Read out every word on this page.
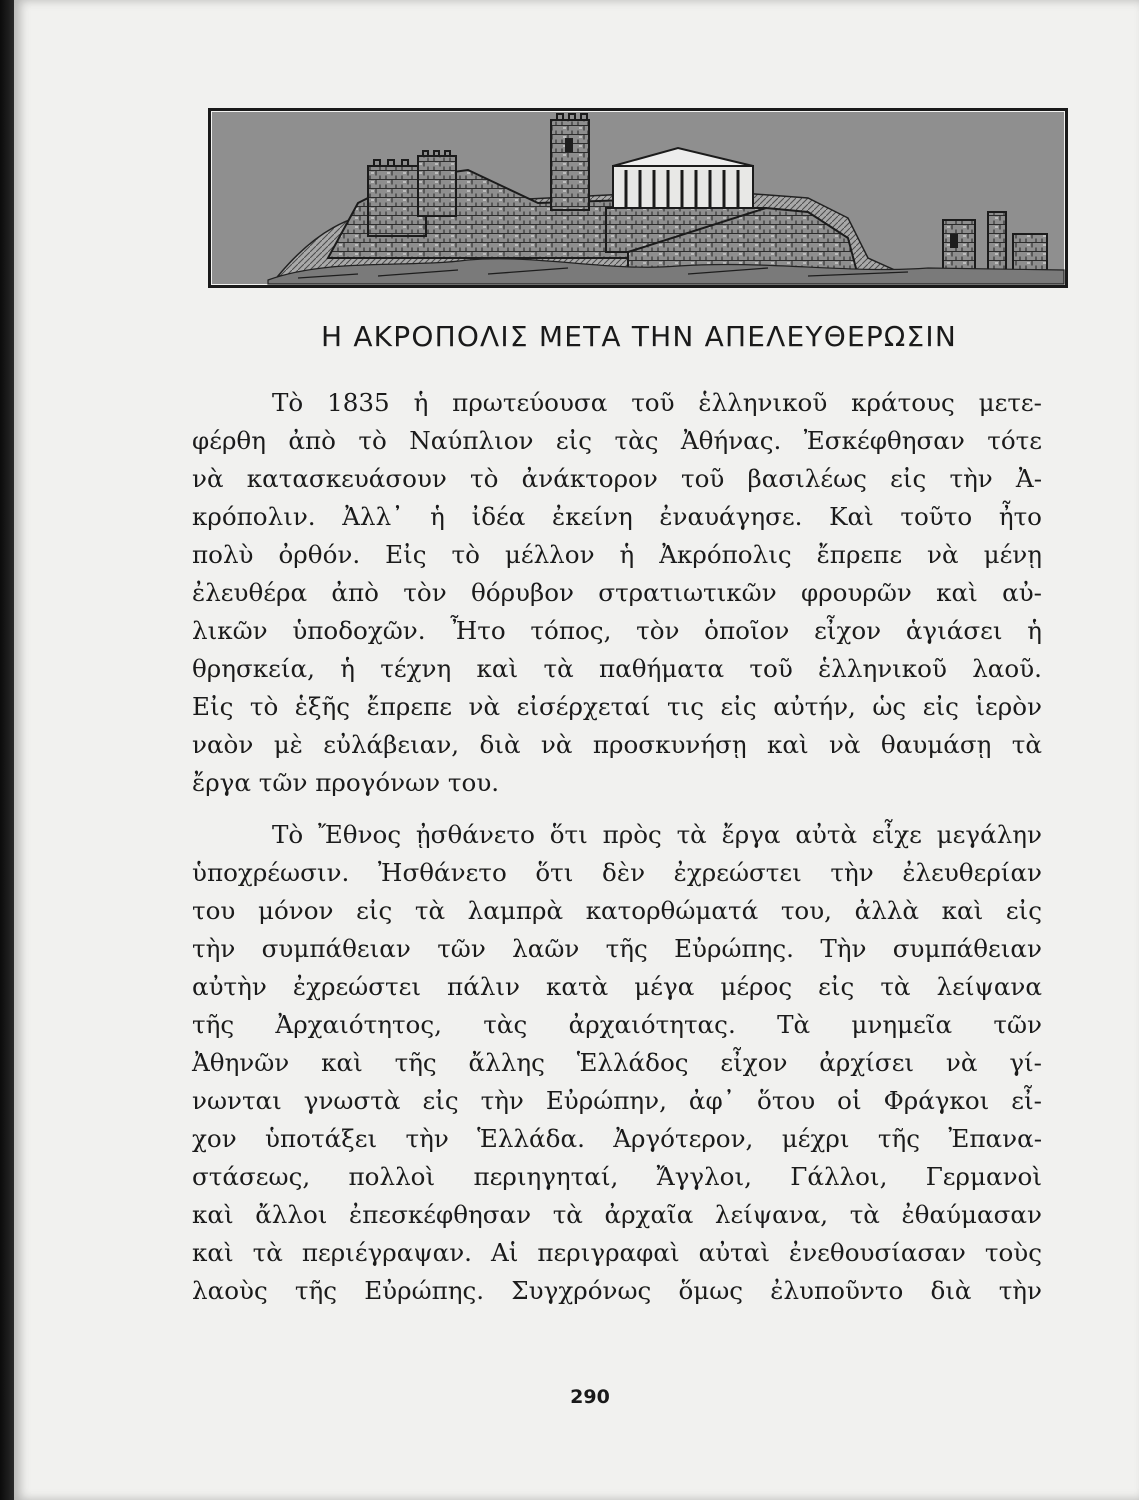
Η ΑΚΡΟΠΟΛΙΣ ΜΕΤΑ ΤΗΝ ΑΠΕΛΕΥΘΕΡΩΣΙΝ
Τὸ 1835 ἡ πρωτεύουσα τοῦ ἑλληνικοῦ κράτους μετε-
φέρθη ἀπὸ τὸ Ναύπλιον εἰς τὰς Ἀθήνας. Ἐσκέφθησαν τότε
νὰ κατασκευάσουν τὸ ἀνάκτορον τοῦ βασιλέως εἰς τὴν Ἀ-
κρόπολιν. Ἀλλ᾽ ἡ ἰδέα ἐκείνη ἐναυάγησε. Καὶ τοῦτο ἦτο
πολὺ ὀρθόν. Εἰς τὸ μέλλον ἡ Ἀκρόπολις ἔπρεπε νὰ μένῃ
ἐλευθέρα ἀπὸ τὸν θόρυβον στρατιωτικῶν φρουρῶν καὶ αὐ-
λικῶν ὑποδοχῶν. Ἦτο τόπος, τὸν ὁποῖον εἶχον ἁγιάσει ἡ
θρησκεία, ἡ τέχνη καὶ τὰ παθήματα τοῦ ἑλληνικοῦ λαοῦ.
Εἰς τὸ ἑξῆς ἔπρεπε νὰ εἰσέρχεταί τις εἰς αὐτήν, ὡς εἰς ἱερὸν
ναὸν μὲ εὐλάβειαν, διὰ νὰ προσκυνήσῃ καὶ νὰ θαυμάσῃ τὰ
ἔργα τῶν προγόνων του.
Τὸ Ἔθνος ᾐσθάνετο ὅτι πρὸς τὰ ἔργα αὐτὰ εἶχε μεγάλην
ὑποχρέωσιν. Ἠσθάνετο ὅτι δὲν ἐχρεώστει τὴν ἐλευθερίαν
του μόνον εἰς τὰ λαμπρὰ κατορθώματά του, ἀλλὰ καὶ εἰς
τὴν συμπάθειαν τῶν λαῶν τῆς Εὐρώπης. Τὴν συμπάθειαν
αὐτὴν ἐχρεώστει πάλιν κατὰ μέγα μέρος εἰς τὰ λείψανα
τῆς Ἀρχαιότητος, τὰς ἀρχαιότητας. Τὰ μνημεῖα τῶν
Ἀθηνῶν καὶ τῆς ἄλλης Ἑλλάδος εἶχον ἀρχίσει νὰ γί-
νωνται γνωστὰ εἰς τὴν Εὐρώπην, ἀφ᾽ ὅτου οἱ Φράγκοι εἶ-
χον ὑποτάξει τὴν Ἑλλάδα. Ἀργότερον, μέχρι τῆς Ἐπανα-
στάσεως, πολλοὶ περιηγηταί, Ἄγγλοι, Γάλλοι, Γερμανοὶ
καὶ ἄλλοι ἐπεσκέφθησαν τὰ ἀρχαῖα λείψανα, τὰ ἐθαύμασαν
καὶ τὰ περιέγραψαν. Αἱ περιγραφαὶ αὐταὶ ἐνεθουσίασαν τοὺς
λαοὺς τῆς Εὐρώπης. Συγχρόνως ὅμως ἐλυποῦντο διὰ τὴν
290
